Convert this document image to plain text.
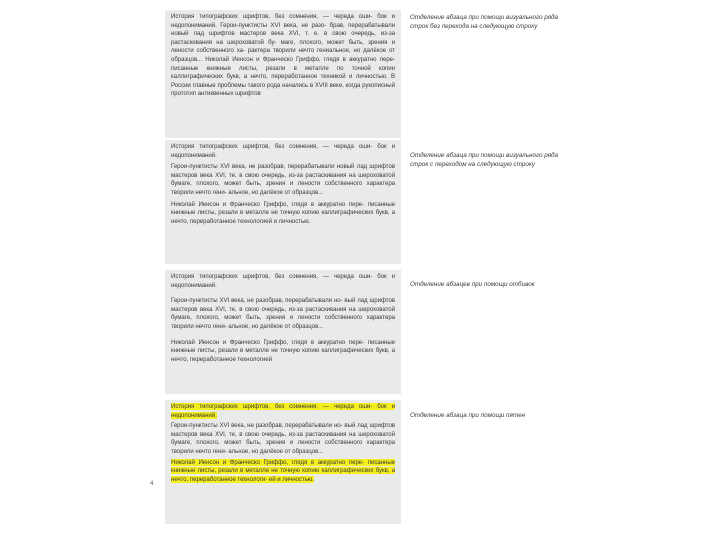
История типографских шрифтов, без сомнения, — череда оши- бок и недопониманий. Герои-пунктисты XVI века, не разо- брав, перерабатывали новый лад шрифтов мастеров века XVI, т. е. в свою очередь, из-за растаскивания на шероховатой бу- маге, плохого, может быть, зрения и лености собственного ха- рактера творили нечто гениальное, но далёкое от образцов... Николай Иенсон и Франческо Гриффо, глядя в аккуратно пере- писанные книжные листы, резали в металле по точной копии каллиграфических букв, а нечто, переработанное техникой и личностью. В России главные проблемы такого рода начались в XVIII веке, когда рукописный прототип антиквенных шрифтов

Отделение абзаца при помощи визуального ряда строк без перехода на следующую строку

История типографских шрифтов, без сомнения, — череда оши- бок и недопониманий.

Герои-пунктисты XVI века, не разобрав, перерабатывали новый лад шрифтов мастеров века XVI, те, в свою очередь, из-за растаскивания на шероховатой бумаге, плохого, может быть, зрения и лености собственного характера творили нечто гени- альное, но далёкое от образцов...

Николай Иенсон и Франческо Гриффо, глядя в аккуратно пере- писанные книжные листы, резали в металле не точную копию каллиграфических букв, а нечто, переработанное технологией и личностью.

Отделение абзаца при помощи визуального ряда строк с переходом на следующую строку

История типографских шрифтов, без сомнения, — череда оши- бок и недопониманий.

Герои-пунктисты XVI века, не разобрав, перерабатывали но- вый лад шрифтов мастеров века XVI, те, в свою очередь, из-за растаскивания на шероховатой бумаге, плохого, может быть, зрения и лености собственного характера творили нечто гени- альное, но далёкое от образцов...

Николай Иенсон и Франческо Гриффо, глядя в аккуратно пере- писанные книжные листы, резали в металле не точную копию каллиграфических букв, а нечто, переработанное технологией

Отделение абзацев при помощи отбивок

История типографских шрифтов, без сомнения, — череда оши- бок и недопониманий.

Герои-пунктисты XVI века, не разобрав, перерабатывали но- вый лад шрифтов мастеров века XVI, те, в свою очередь, из-за растаскивания на шероховатой бумаге, плохого, может быть, зрения и лености собственного характера творили нечто гени- альное, но далёкое от образцов...

Николай Иенсон и Франческо Гриффо, глядя в аккуратно пере- писанные книжные листы, резали в металле не точную копию каллиграфических букв, а нечто, переработанное технологи- ей и личностью.

Отделение абзаца при помощи пятен
4
